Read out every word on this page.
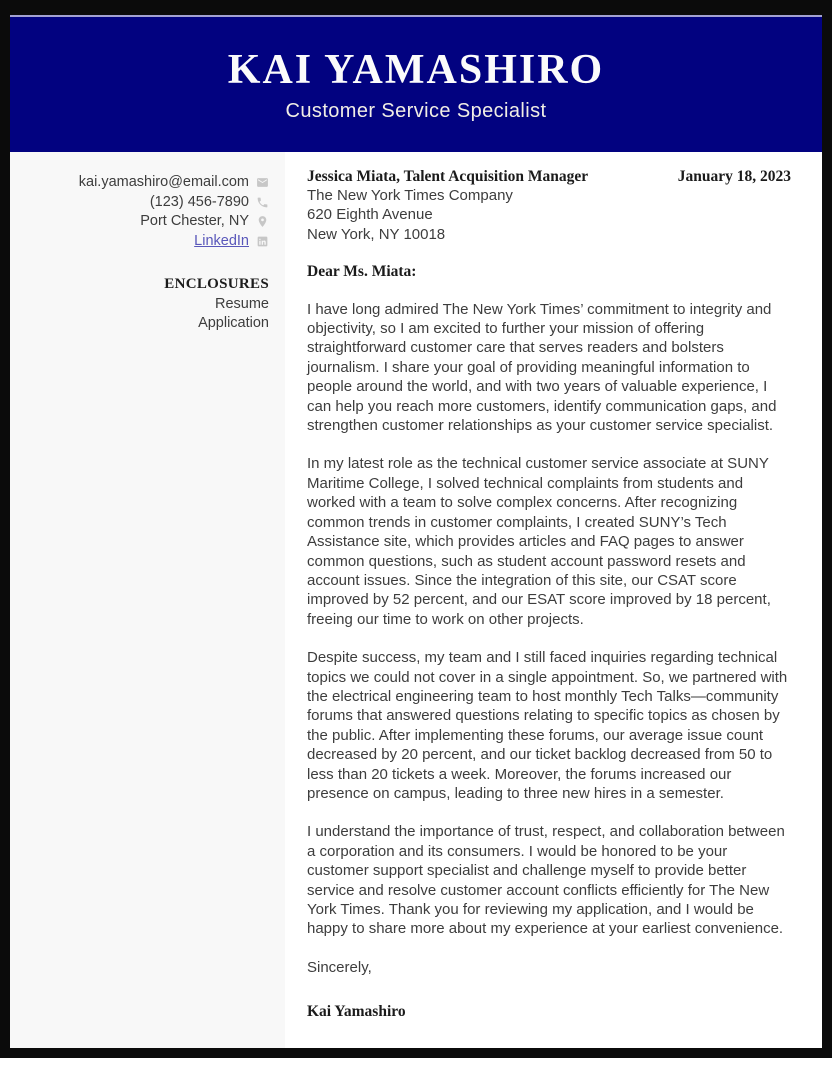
KAI YAMASHIRO

Customer Service Specialist

kai.yamashiro@email.com
(123) 456-7890
Port Chester, NY
LinkedIn
ENCLOSURES
Resume
Application
Jessica Miata, Talent Acquisition Manager	January 18, 2023
The New York Times Company
620 Eighth Avenue
New York, NY 10018
Dear Ms. Miata:

I have long admired The New York Times’ commitment to integrity and objectivity, so I am excited to further your mission of offering straightforward customer care that serves readers and bolsters journalism. I share your goal of providing meaningful information to people around the world, and with two years of valuable experience, I can help you reach more customers, identify communication gaps, and strengthen customer relationships as your customer service specialist.

In my latest role as the technical customer service associate at SUNY Maritime College, I solved technical complaints from students and worked with a team to solve complex concerns. After recognizing common trends in customer complaints, I created SUNY’s Tech Assistance site, which provides articles and FAQ pages to answer common questions, such as student account password resets and account issues. Since the integration of this site, our CSAT score improved by 52 percent, and our ESAT score improved by 18 percent, freeing our time to work on other projects.

Despite success, my team and I still faced inquiries regarding technical topics we could not cover in a single appointment. So, we partnered with the electrical engineering team to host monthly Tech Talks—community forums that answered questions relating to specific topics as chosen by the public. After implementing these forums, our average issue count decreased by 20 percent, and our ticket backlog decreased from 50 to less than 20 tickets a week. Moreover, the forums increased our presence on campus, leading to three new hires in a semester.

I understand the importance of trust, respect, and collaboration between a corporation and its consumers. I would be honored to be your customer support specialist and challenge myself to provide better service and resolve customer account conflicts efficiently for The New York Times. Thank you for reviewing my application, and I would be happy to share more about my experience at your earliest convenience.

Sincerely,
Kai Yamashiro
